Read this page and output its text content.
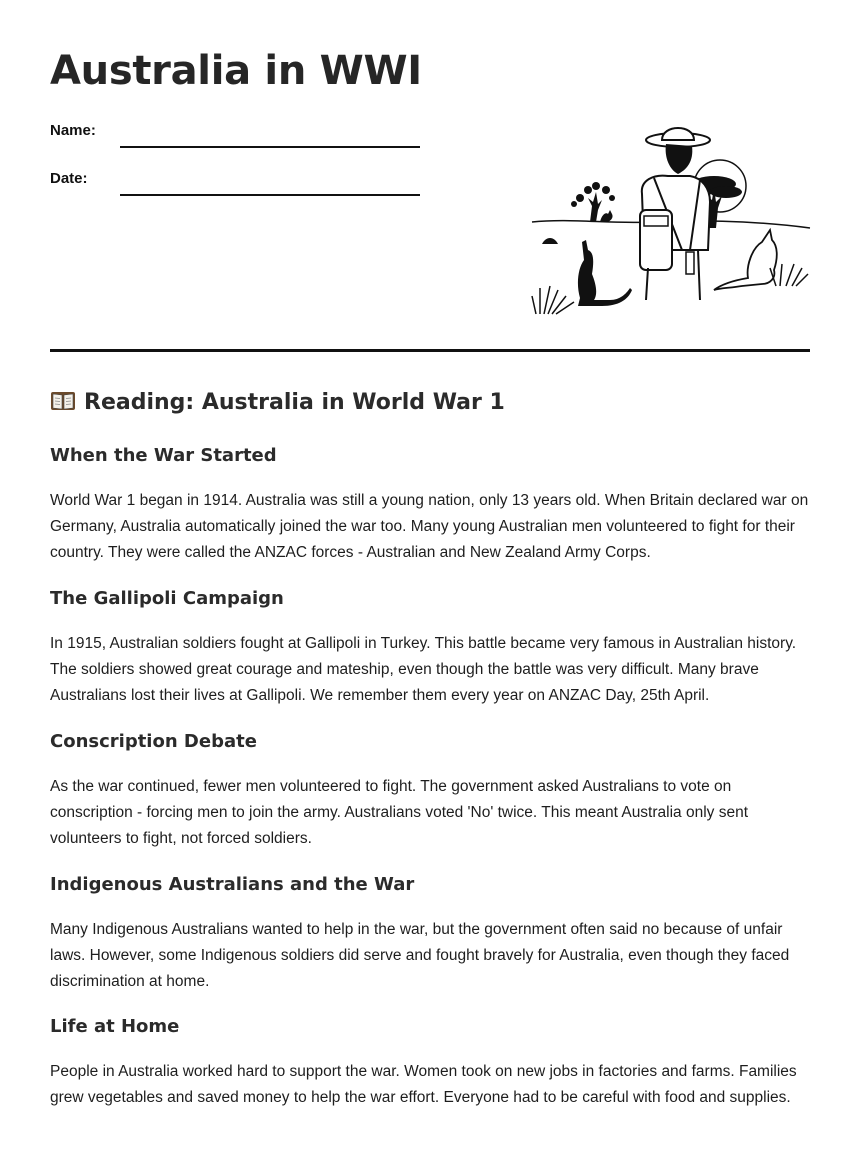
Australia in WWI
Name:
Date:
Reading: Australia in World War 1
When the War Started

World War 1 began in 1914. Australia was still a young nation, only 13 years old. When Britain declared war on Germany, Australia automatically joined the war too. Many young Australian men volunteered to fight for their country. They were called the ANZAC forces - Australian and New Zealand Army Corps.

The Gallipoli Campaign

In 1915, Australian soldiers fought at Gallipoli in Turkey. This battle became very famous in Australian history. The soldiers showed great courage and mateship, even though the battle was very difficult. Many brave Australians lost their lives at Gallipoli. We remember them every year on ANZAC Day, 25th April.

Conscription Debate

As the war continued, fewer men volunteered to fight. The government asked Australians to vote on conscription - forcing men to join the army. Australians voted 'No' twice. This meant Australia only sent volunteers to fight, not forced soldiers.

Indigenous Australians and the War

Many Indigenous Australians wanted to help in the war, but the government often said no because of unfair laws. However, some Indigenous soldiers did serve and fought bravely for Australia, even though they faced discrimination at home.

Life at Home

People in Australia worked hard to support the war. Women took on new jobs in factories and farms. Families grew vegetables and saved money to help the war effort. Everyone had to be careful with food and supplies.
